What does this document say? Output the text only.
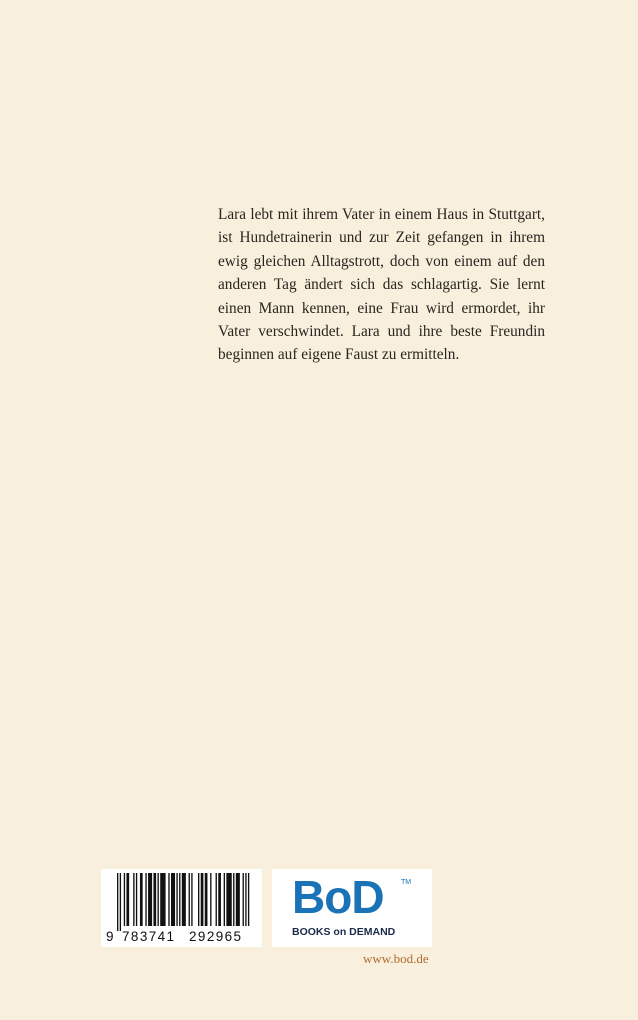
Lara lebt mit ihrem Vater in einem Haus in Stuttgart, ist Hundetrainerin und zur Zeit gefangen in ihrem ewig gleichen Alltagstrott, doch von einem auf den anderen Tag ändert sich das schlagartig. Sie lernt einen Mann kennen, eine Frau wird ermordet, ihr Vater verschwindet. Lara und ihre beste Freundin beginnen auf eigene Faust zu ermitteln.

9 783741 292965
BoD TM
BOOKS on DEMAND
www.bod.de
